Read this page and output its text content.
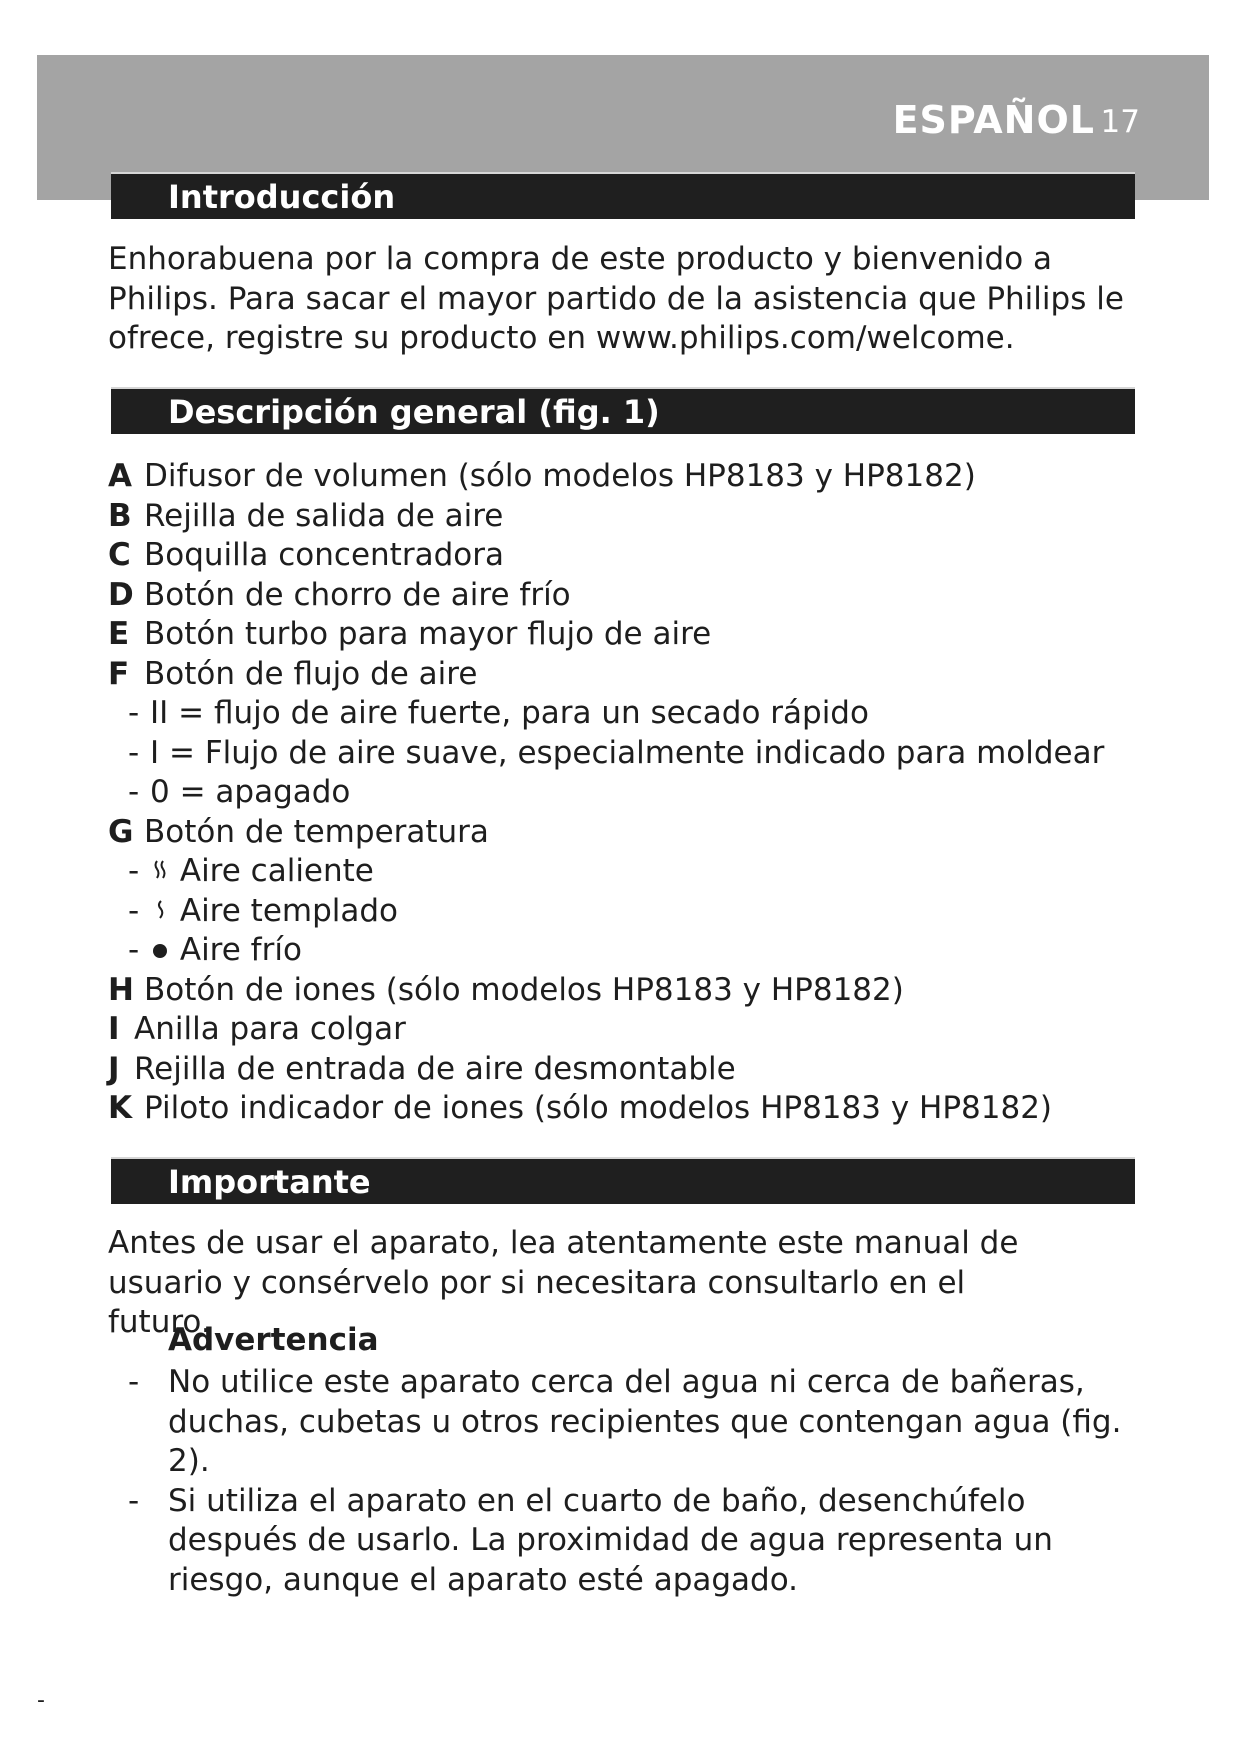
ESPAÑOL 17
Introducción

Enhorabuena por la compra de este producto y bienvenido a Philips. Para sacar el mayor partido de la asistencia que Philips le ofrece, registre su producto en www.philips.com/welcome.

Descripción general (fig. 1)
A Difusor de volumen (sólo modelos HP8183 y HP8182)
B Rejilla de salida de aire
C Boquilla concentradora
D Botón de chorro de aire frío
E Botón turbo para mayor flujo de aire
F Botón de flujo de aire
- II = flujo de aire fuerte, para un secado rápido
- I = Flujo de aire suave, especialmente indicado para moldear
- 0 = apagado
G Botón de temperatura
- Aire caliente
- Aire templado
- Aire frío
H Botón de iones (sólo modelos HP8183 y HP8182)
I Anilla para colgar
J Rejilla de entrada de aire desmontable
K Piloto indicador de iones (sólo modelos HP8183 y HP8182)
Importante

Antes de usar el aparato, lea atentamente este manual de usuario y consérvelo por si necesitara consultarlo en el futuro.

Advertencia
- No utilice este aparato cerca del agua ni cerca de bañeras, duchas, cubetas u otros recipientes que contengan agua (fig. 2).
- Si utiliza el aparato en el cuarto de baño, desenchúfelo después de usarlo. La proximidad de agua representa un riesgo, aunque el aparato esté apagado.
-
